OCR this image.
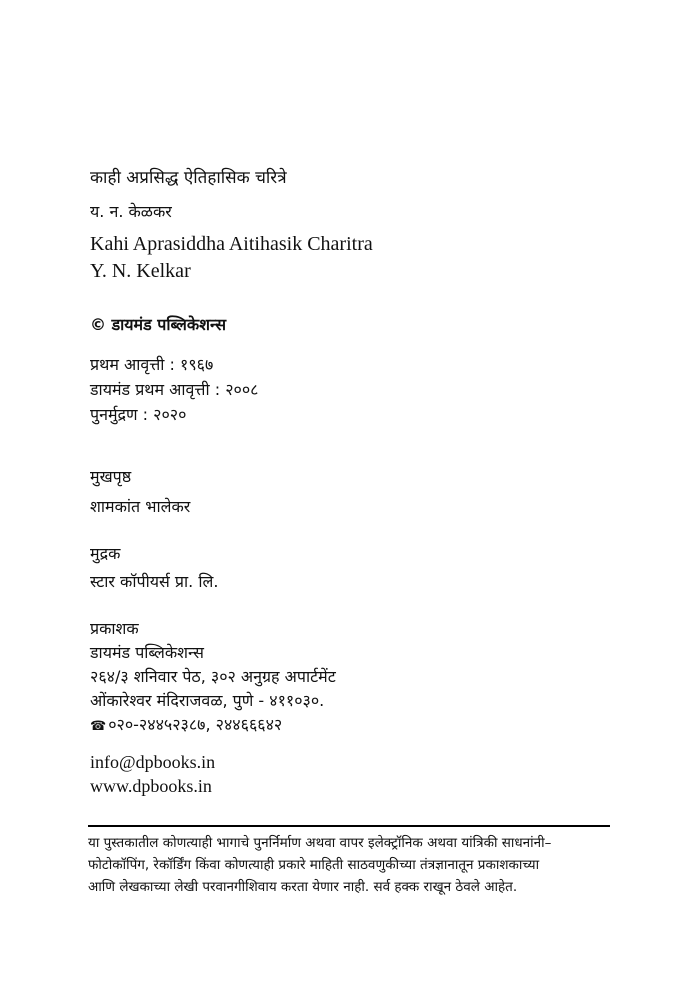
काही अप्रसिद्ध ऐतिहासिक चरित्रे
य. न. केळकर
Kahi Aprasiddha Aitihasik Charitra
Y. N. Kelkar
© डायमंड पब्लिकेशन्स
प्रथम आवृत्ती : १९६७
डायमंड प्रथम आवृत्ती : २००८
पुनर्मुद्रण : २०२०
मुखपृष्ठ
शामकांत भालेकर
मुद्रक
स्टार कॉपीयर्स प्रा. लि.
प्रकाशक
डायमंड पब्लिकेशन्स
२६४/३ शनिवार पेठ, ३०२ अनुग्रह अपार्टमेंट
ओंकारेश्वर मंदिराजवळ, पुणे - ४११०३०.
☎ ०२०-२४४५२३८७, २४४६६६४२
info@dpbooks.in
www.dpbooks.in
या पुस्तकातील कोणत्याही भागाचे पुनर्निर्माण अथवा वापर इलेक्ट्रॉनिक अथवा यांत्रिकी साधनांनी–
फोटोकॉपिंग, रेकॉर्डिंग किंवा कोणत्याही प्रकारे माहिती साठवणुकीच्या तंत्रज्ञानातून प्रकाशकाच्या
आणि लेखकाच्या लेखी परवानगीशिवाय करता येणार नाही. सर्व हक्क राखून ठेवले आहेत.
